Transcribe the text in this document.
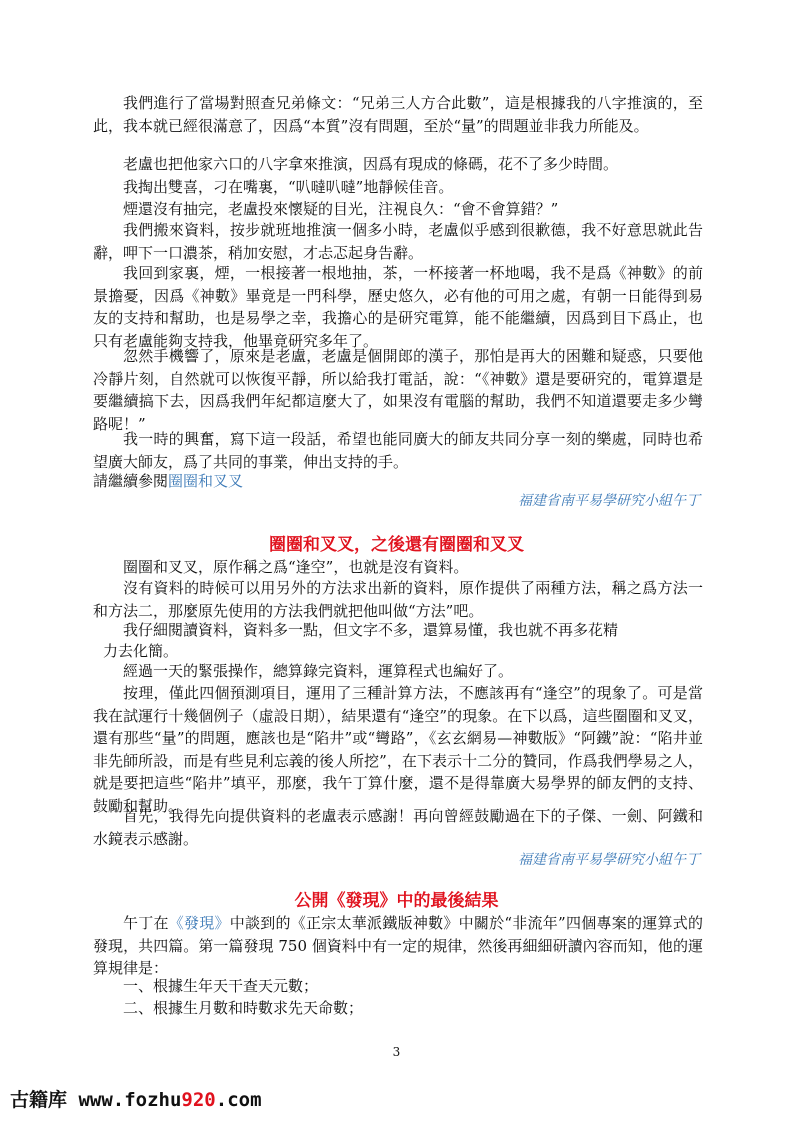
我們進行了當場對照查兄弟條文：“兄弟三人方合此數”，這是根據我的八字推演的，至此，我本就已經很滿意了，因爲“本質”沒有問題，至於“量”的問題並非我力所能及。

老盧也把他家六口的八字拿來推演，因爲有現成的條碼，花不了多少時間。

我掏出雙喜，刁在嘴裏，“叭噠叭噠”地靜候佳音。

煙還沒有抽完，老盧投來懷疑的目光，注視良久：“會不會算錯？”

我們搬來資料，按步就班地推演一個多小時，老盧似乎感到很歉德，我不好意思就此告辭，呷下一口濃茶，稍加安慰，才忐忑起身告辭。

我回到家裏，煙，一根接著一根地抽，茶，一杯接著一杯地喝，我不是爲《神數》的前景擔憂，因爲《神數》畢竟是一門科學，歷史悠久，必有他的可用之處，有朝一日能得到易友的支持和幫助，也是易學之幸，我擔心的是研究電算，能不能繼續，因爲到目下爲止，也只有老盧能夠支持我，他畢竟研究多年了。

忽然手機響了，原來是老盧，老盧是個開郎的漢子，那怕是再大的困難和疑惑，只要他冷靜片刻，自然就可以恢復平靜，所以給我打電話，說：“《神數》還是要研究的，電算還是要繼續搞下去，因爲我們年紀都這麼大了，如果沒有電腦的幫助，我們不知道還要走多少彎路呢！”

我一時的興奮，寫下這一段話，希望也能同廣大的師友共同分享一刻的樂處，同時也希望廣大師友，爲了共同的事業，伸出支持的手。

請繼續參閱圈圈和叉叉
福建省南平易學研究小組午丁
圈圈和叉叉，之後還有圈圈和叉叉

圈圈和叉叉，原作稱之爲“逢空”，也就是沒有資料。

沒有資料的時候可以用另外的方法求出新的資料，原作提供了兩種方法，稱之爲方法一和方法二，那麼原先使用的方法我們就把他叫做“方法”吧。

我仔細閱讀資料，資料多一點，但文字不多，還算易懂，我也就不再多花精
力去化簡。

經過一天的緊張操作，總算錄完資料，運算程式也編好了。

按理，僅此四個預測項目，運用了三種計算方法，不應該再有“逢空”的現象了。可是當我在試運行十幾個例子（虛設日期），結果還有“逢空”的現象。在下以爲，這些圈圈和叉叉，還有那些“量”的問題，應該也是“陷井”或“彎路”，《玄玄網易—神數版》“阿鐵”說：“陷井並非先師所設，而是有些見利忘義的後人所挖”，在下表示十二分的贊同，作爲我們學易之人，就是要把這些“陷井”填平，那麼，我午丁算什麼，還不是得靠廣大易學界的師友們的支持、鼓勵和幫助。

首先，我得先向提供資料的老盧表示感謝！再向曾經鼓勵過在下的子傑、一劍、阿鐵和水鏡表示感謝。

福建省南平易學研究小組午丁
公開《發現》中的最後結果

午丁在《發現》中談到的《正宗太華派鐵版神數》中關於“非流年”四個專案的運算式的發現，共四篇。第一篇發現 750 個資料中有一定的規律，然後再細細研讀內容而知，他的運算規律是：

一、根據生年天干查天元數；

二、根據生月數和時數求先天命數；

3
古籍库 www.fozhu920.com
